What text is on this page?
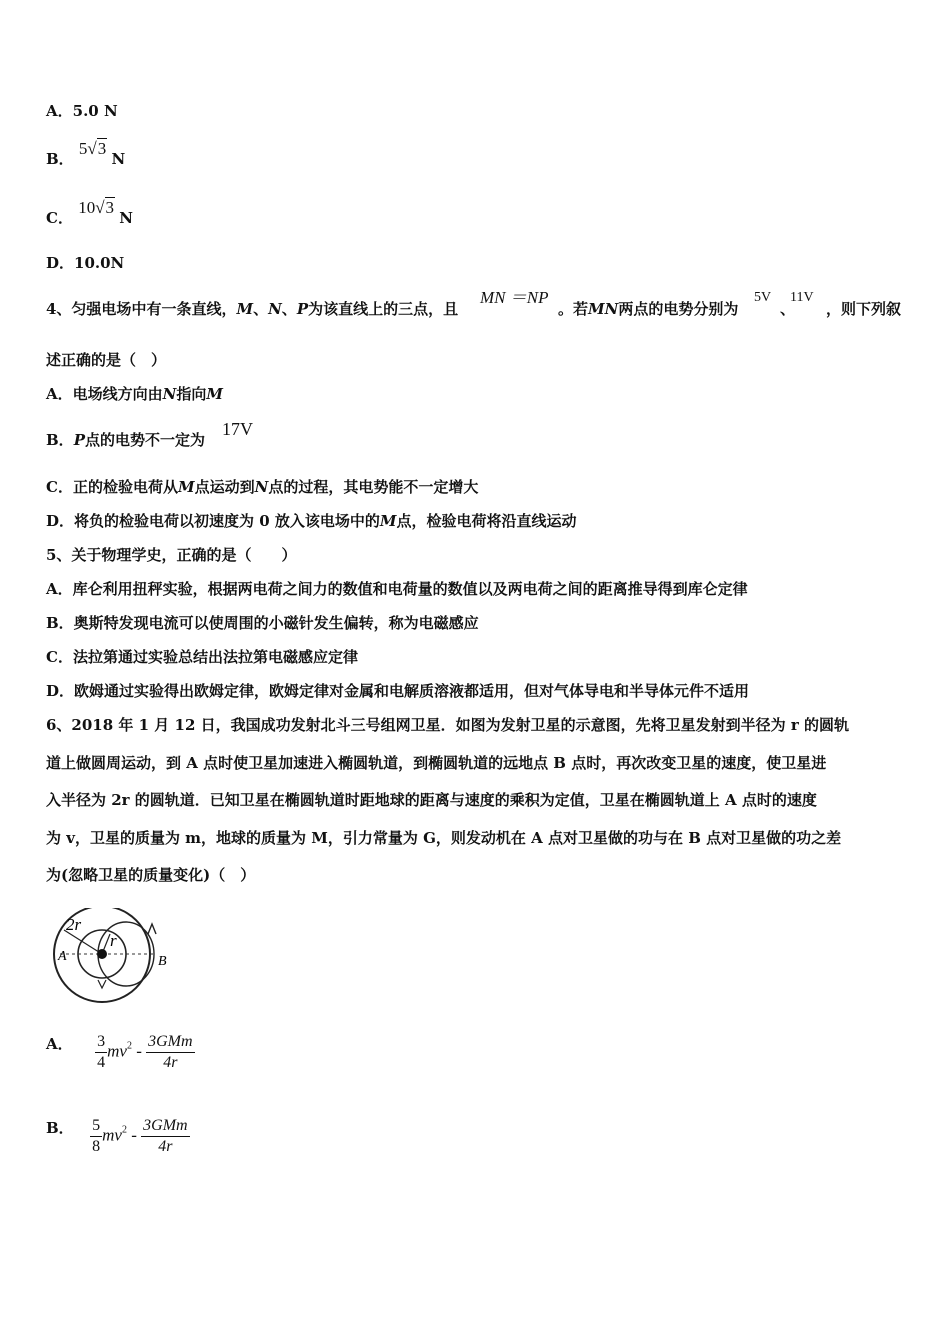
A．5.0 N
B． 5√3 N
C． 10√3 N
D．10.0N
4、匀强电场中有一条直线，M、N、P为该直线上的三点，且
MN ＝NP
。若MN两点的电势分别为
5V
、
11V
，则下列叙
述正确的是（　）
A．电场线方向由N指向M
B．P点的电势不一定为
17V
C．正的检验电荷从M点运动到N点的过程，其电势能不一定增大
D．将负的检验电荷以初速度为 0 放入该电场中的M点，检验电荷将沿直线运动
5、关于物理学史，正确的是（　　）
A．库仑利用扭秤实验，根据两电荷之间力的数值和电荷量的数值以及两电荷之间的距离推导得到库仑定律
B．奥斯特发现电流可以使周围的小磁针发生偏转，称为电磁感应
C．法拉第通过实验总结出法拉第电磁感应定律
D．欧姆通过实验得出欧姆定律，欧姆定律对金属和电解质溶液都适用，但对气体导电和半导体元件不适用
6、2018 年 1 月 12 日，我国成功发射北斗三号组网卫星．如图为发射卫星的示意图，先将卫星发射到半径为 r 的圆轨
道上做圆周运动，到 A 点时使卫星加速进入椭圆轨道，到椭圆轨道的远地点 B 点时，再次改变卫星的速度，使卫星进
入半径为 2r 的圆轨道．已知卫星在椭圆轨道时距地球的距离与速度的乘积为定值，卫星在椭圆轨道上 A 点时的速度
为 v，卫星的质量为 m，地球的质量为 M，引力常量为 G，则发动机在 A 点对卫星做的功与在 B 点对卫星做的功之差
为(忽略卫星的质量变化)（　）
2r
r
A	B
A． $\frac{3}{4} mv^2 - \frac{\text{3GMm}}{4r}$
B． $\frac{5}{8} mv^2 - \frac{\text{3GMm}}{4r}$
